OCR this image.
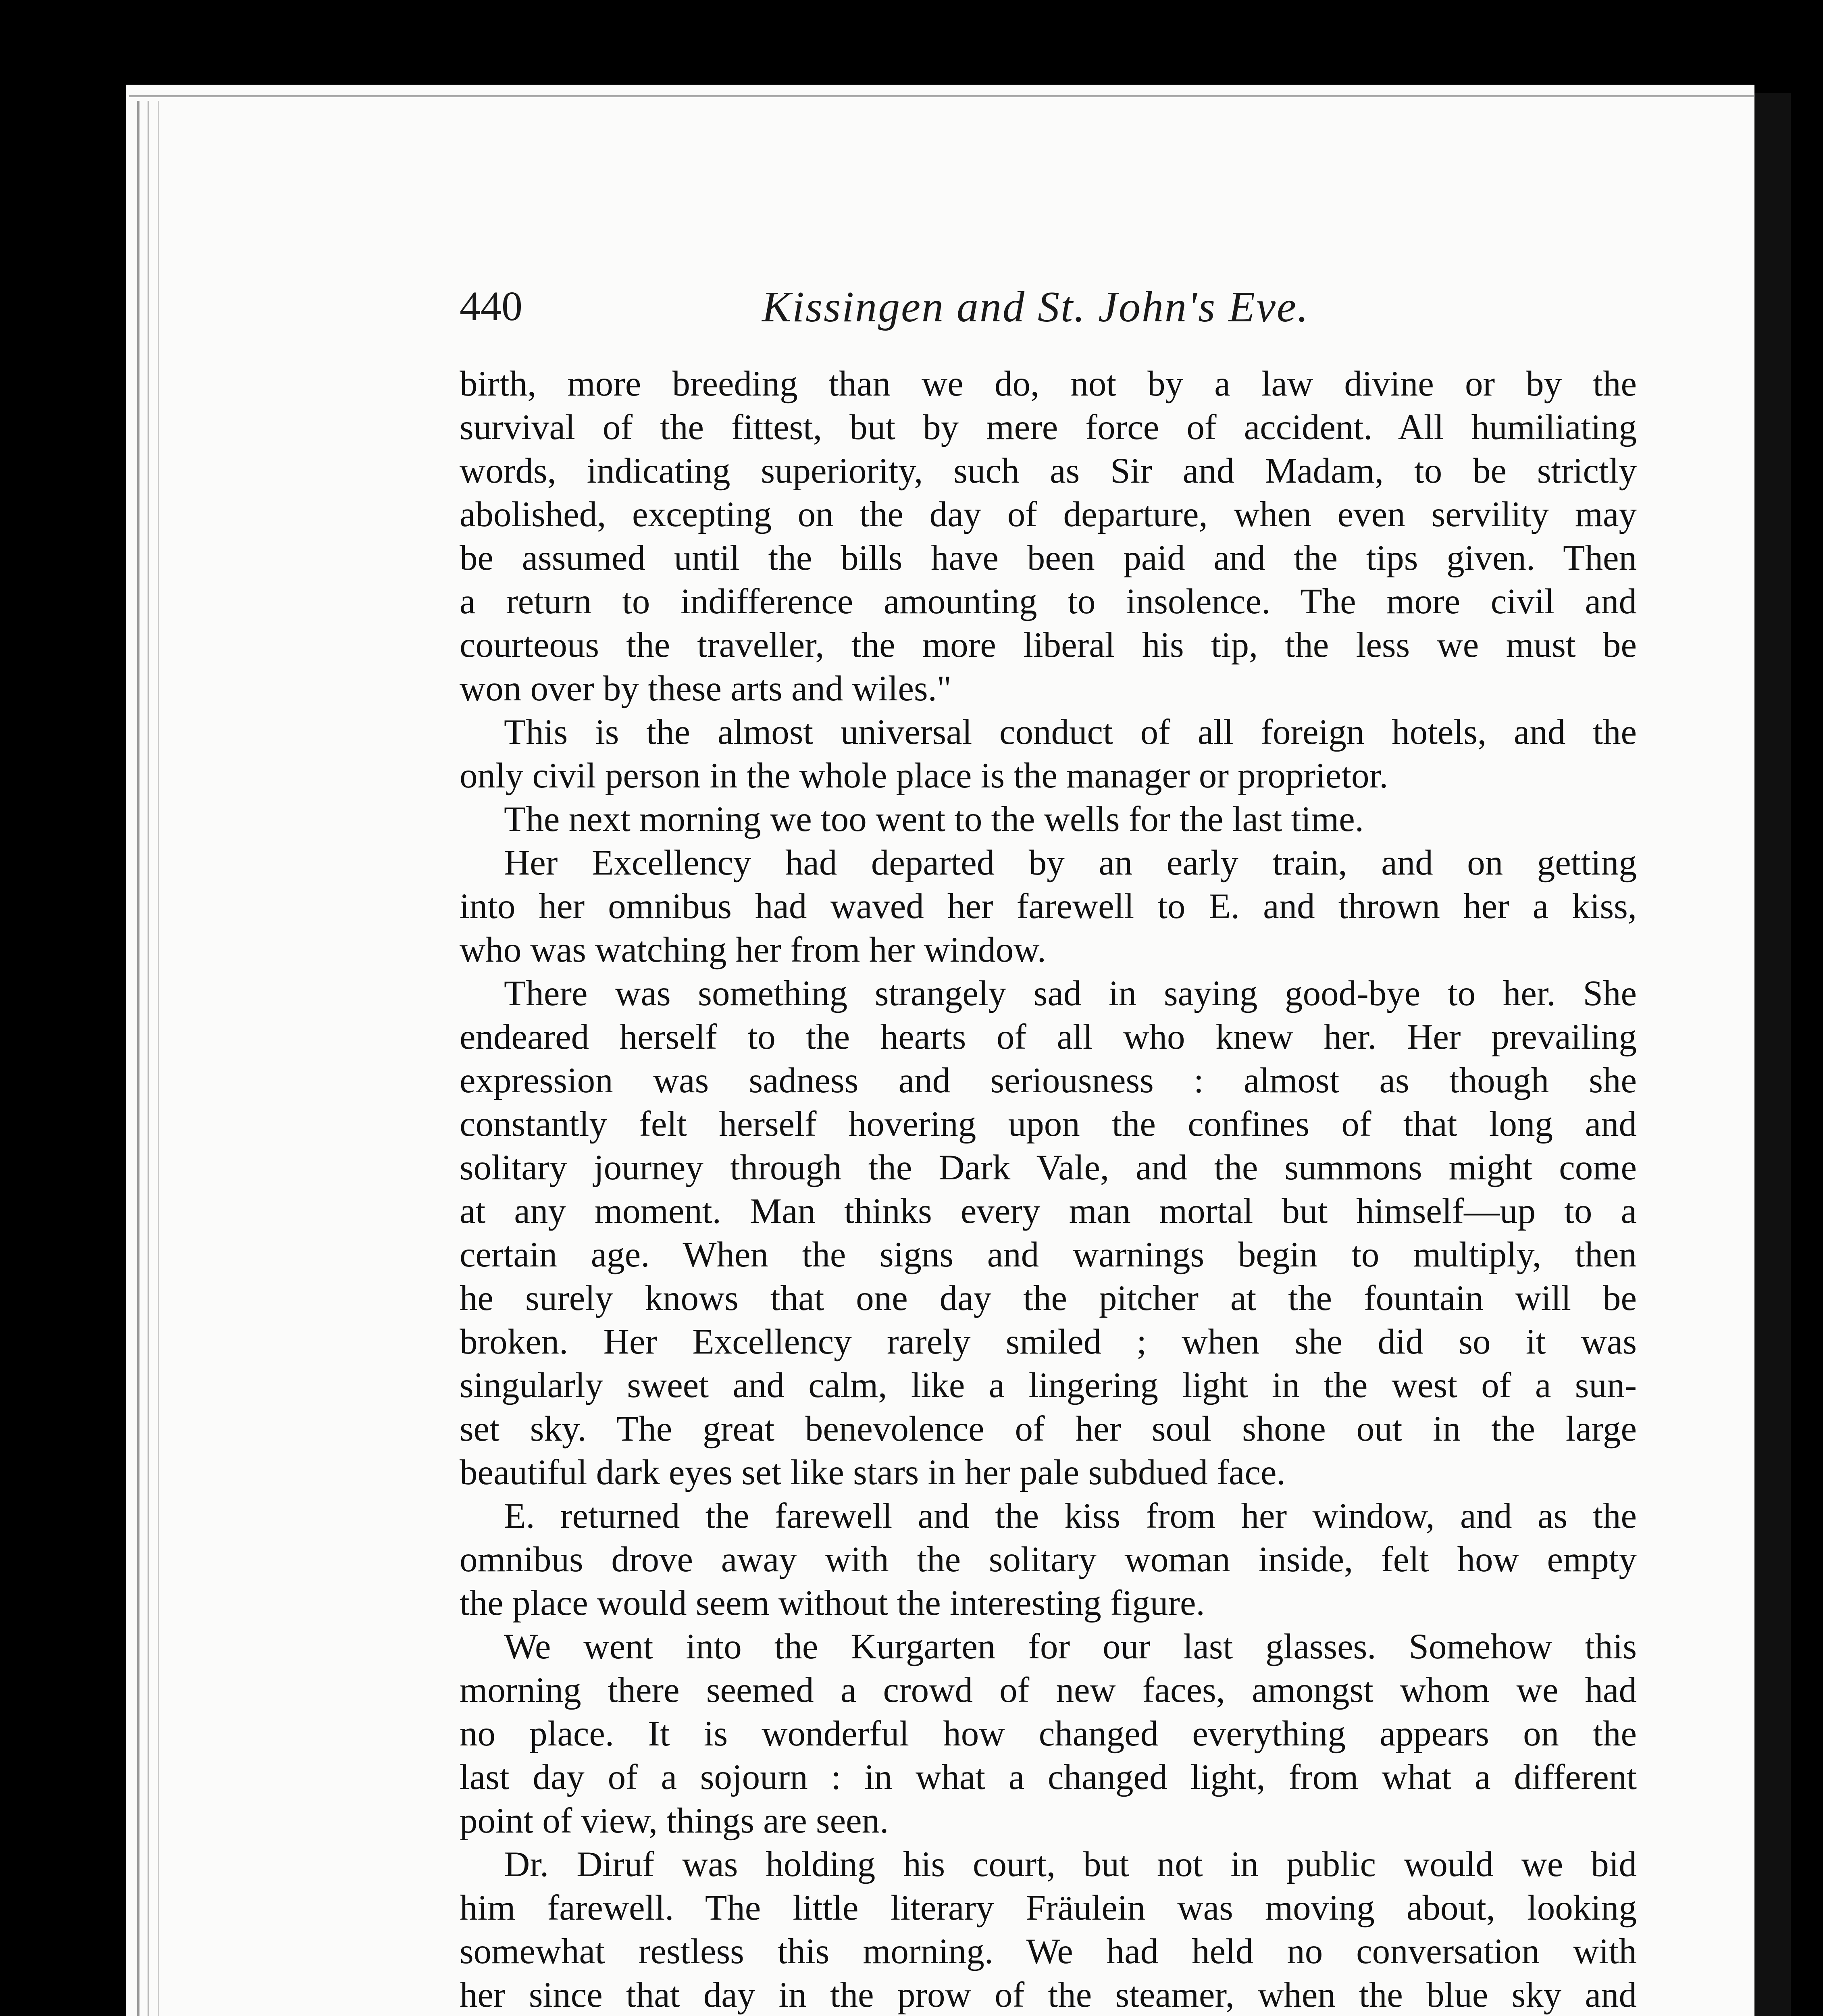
440	Kissingen and St. John's Eve.
birth, more breeding than we do, not by a law divine or by the
survival of the fittest, but by mere force of accident. All humiliating
words, indicating superiority, such as Sir and Madam, to be strictly
abolished, excepting on the day of departure, when even servility may
be assumed until the bills have been paid and the tips given. Then
a return to indifference amounting to insolence. The more civil and
courteous the traveller, the more liberal his tip, the less we must be
won over by these arts and wiles."
This is the almost universal conduct of all foreign hotels, and the
only civil person in the whole place is the manager or proprietor.
The next morning we too went to the wells for the last time.
Her Excellency had departed by an early train, and on getting
into her omnibus had waved her farewell to E. and thrown her a kiss,
who was watching her from her window.
There was something strangely sad in saying good-bye to her. She
endeared herself to the hearts of all who knew her. Her prevailing
expression was sadness and seriousness : almost as though she
constantly felt herself hovering upon the confines of that long and
solitary journey through the Dark Vale, and the summons might come
at any moment. Man thinks every man mortal but himself—up to a
certain age. When the signs and warnings begin to multiply, then
he surely knows that one day the pitcher at the fountain will be
broken. Her Excellency rarely smiled ; when she did so it was
singularly sweet and calm, like a lingering light in the west of a sun-
set sky. The great benevolence of her soul shone out in the large
beautiful dark eyes set like stars in her pale subdued face.
E. returned the farewell and the kiss from her window, and as the
omnibus drove away with the solitary woman inside, felt how empty
the place would seem without the interesting figure.
We went into the Kurgarten for our last glasses. Somehow this
morning there seemed a crowd of new faces, amongst whom we had
no place. It is wonderful how changed everything appears on the
last day of a sojourn : in what a changed light, from what a different
point of view, things are seen.
Dr. Diruf was holding his court, but not in public would we bid
him farewell. The little literary Fräulein was moving about, looking
somewhat restless this morning. We had held no conversation with
her since that day in the prow of the steamer, when the blue sky and
